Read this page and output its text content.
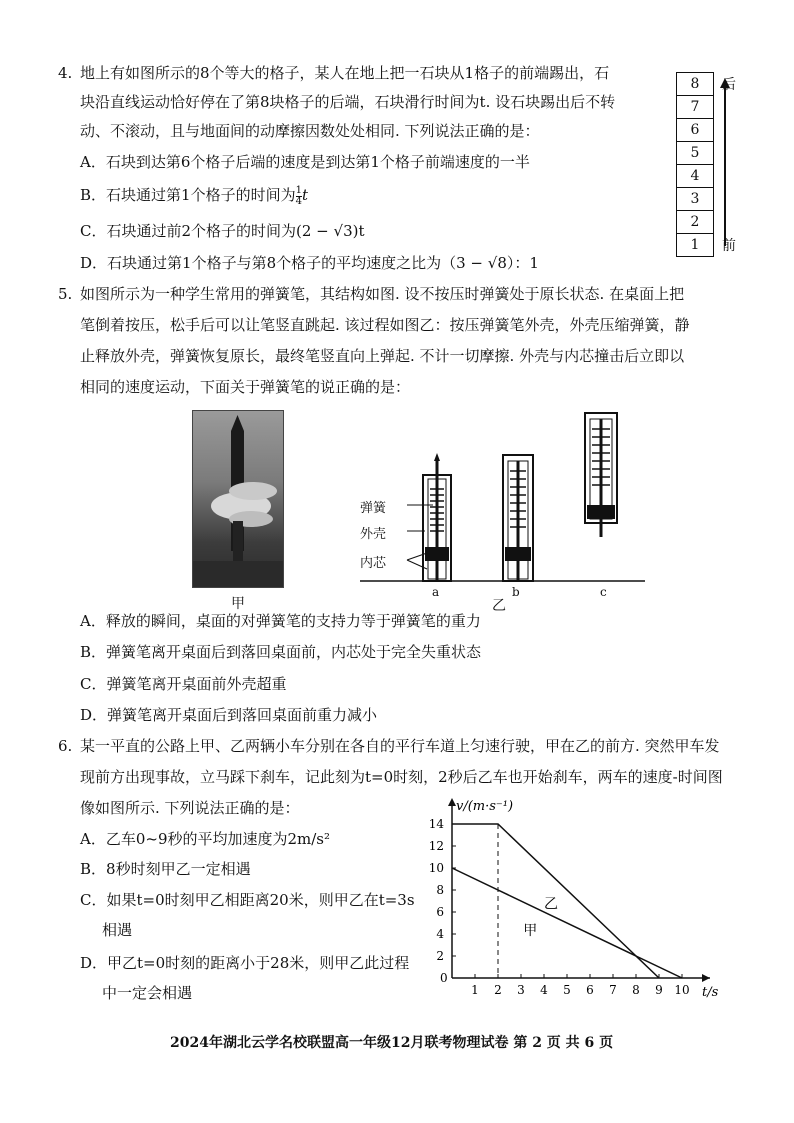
4. 地上有如图所示的8个等大的格子，某人在地上把一石块从1格子的前端踢出，石
块沿直线运动恰好停在了第8块格子的后端，石块滑行时间为t. 设石块踢出后不转
动、不滚动，且与地面间的动摩擦因数处处相同. 下列说法正确的是：
A．石块到达第6个格子后端的速度是到达第1个格子前端速度的一半
B．石块通过第1个格子的时间为 $\frac{1}{4}$ t
C．石块通过前2个格子的时间为(2 − √3)t
D．石块通过第1个格子与第8个格子的平均速度之比为（3 − √8）：1
8
7
6
5
4
3
2
1
后
前
5. 如图所示为一种学生常用的弹簧笔，其结构如图. 设不按压时弹簧处于原长状态. 在桌面上把
笔倒着按压，松手后可以让笔竖直跳起. 该过程如图乙：按压弹簧笔外壳，外壳压缩弹簧，静
止释放外壳，弹簧恢复原长，最终笔竖直向上弹起. 不计一切摩擦. 外壳与内芯撞击后立即以
相同的速度运动，下面关于弹簧笔的说正确的是：
甲
弹簧
外壳
内芯
a	b	c
乙
A．释放的瞬间，桌面的对弹簧笔的支持力等于弹簧笔的重力
B．弹簧笔离开桌面后到落回桌面前，内芯处于完全失重状态
C．弹簧笔离开桌面前外壳超重
D．弹簧笔离开桌面后到落回桌面前重力减小
6. 某一平直的公路上甲、乙两辆小车分别在各自的平行车道上匀速行驶，甲在乙的前方. 突然甲车发
现前方出现事故，立马踩下刹车，记此刻为t=0时刻，2秒后乙车也开始刹车，两车的速度-时间图
像如图所示. 下列说法正确的是：
A．乙车0~9秒的平均加速度为2m/s²
B．8秒时刻甲乙一定相遇
C．如果t=0时刻甲乙相距离20米，则甲乙在t=3s
相遇
D．甲乙t=0时刻的距离小于28米，则甲乙此过程
中一定会相遇
v/(m·s⁻¹)
t/s
0
1 2 3 4 5 6 7 8 9 10
2
4
6
8
10
12
14
乙
甲
2024年湖北云学名校联盟高一年级12月联考物理试卷 第 2 页 共 6 页
